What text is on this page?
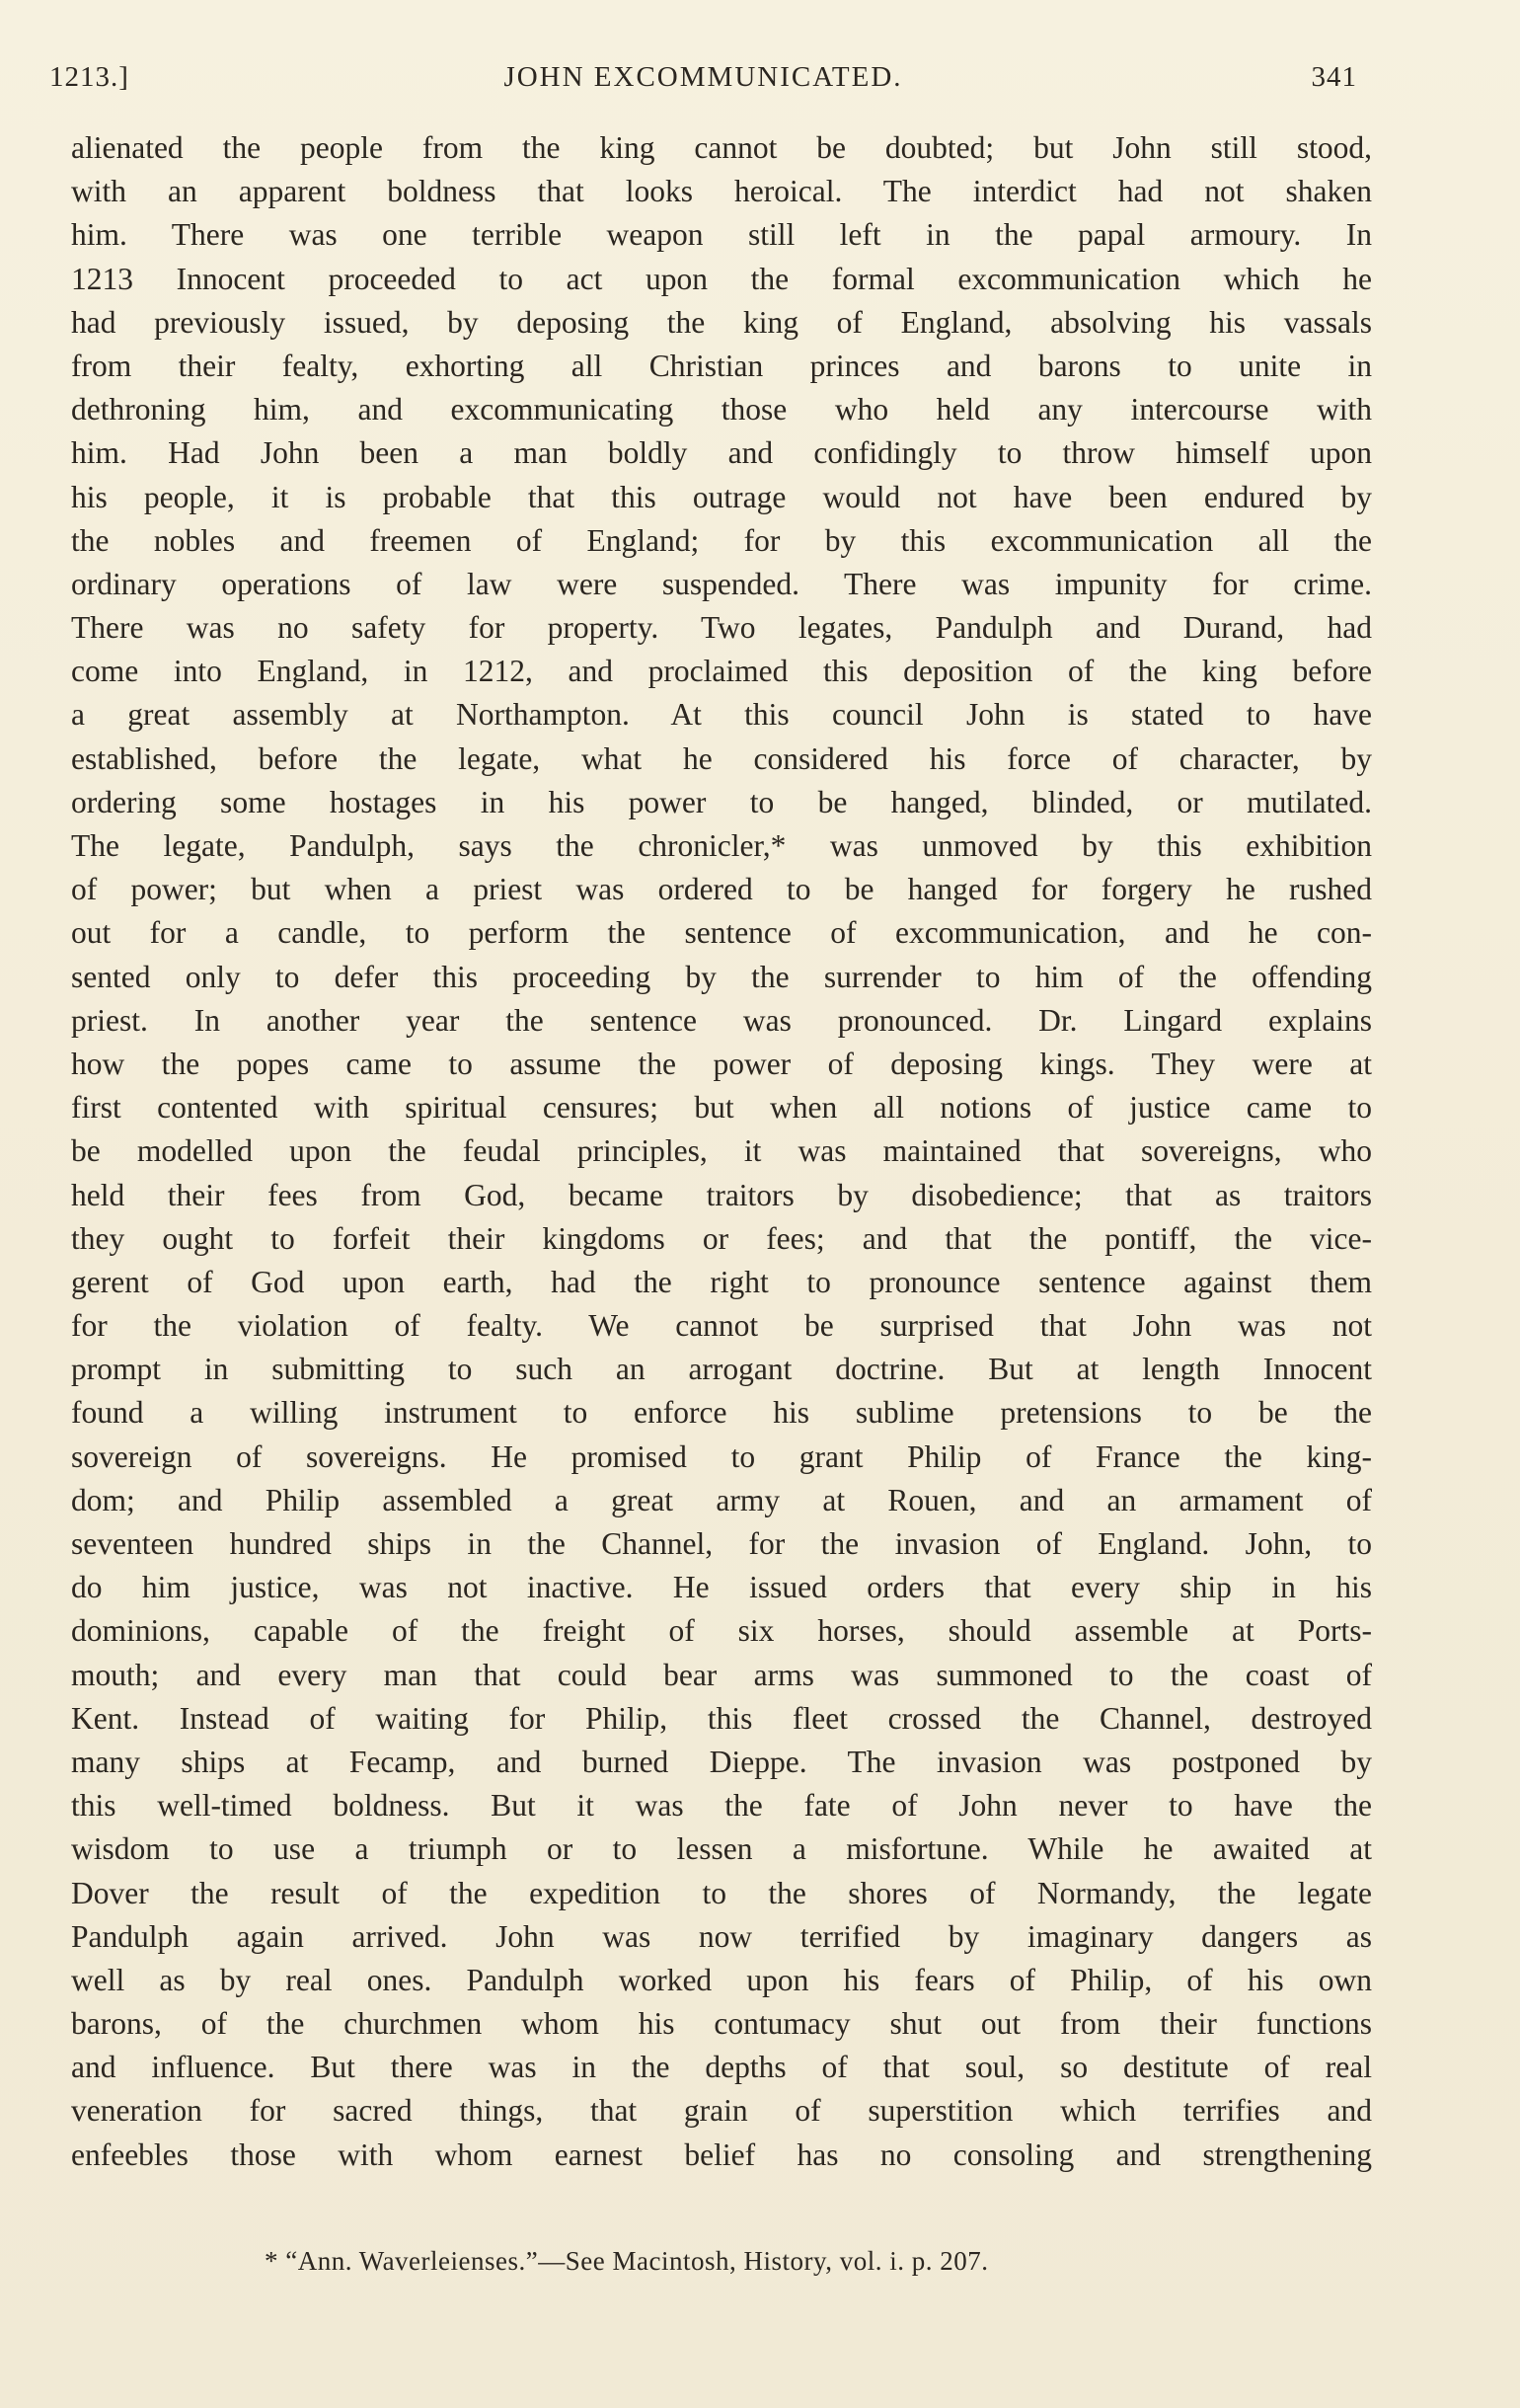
1213.]	JOHN EXCOMMUNICATED.	341
alienated the people from the king cannot be doubted; but John still stood,
with an apparent boldness that looks heroical. The interdict had not shaken
him. There was one terrible weapon still left in the papal armoury. In
1213 Innocent proceeded to act upon the formal excommunication which he
had previously issued, by deposing the king of England, absolving his vassals
from their fealty, exhorting all Christian princes and barons to unite in
dethroning him, and excommunicating those who held any intercourse with
him. Had John been a man boldly and confidingly to throw himself upon
his people, it is probable that this outrage would not have been endured by
the nobles and freemen of England; for by this excommunication all the
ordinary operations of law were suspended. There was impunity for crime.
There was no safety for property. Two legates, Pandulph and Durand, had
come into England, in 1212, and proclaimed this deposition of the king before
a great assembly at Northampton. At this council John is stated to have
established, before the legate, what he considered his force of character, by
ordering some hostages in his power to be hanged, blinded, or mutilated.
The legate, Pandulph, says the chronicler,* was unmoved by this exhibition
of power; but when a priest was ordered to be hanged for forgery he rushed
out for a candle, to perform the sentence of excommunication, and he con-
sented only to defer this proceeding by the surrender to him of the offending
priest. In another year the sentence was pronounced. Dr. Lingard explains
how the popes came to assume the power of deposing kings. They were at
first contented with spiritual censures; but when all notions of justice came to
be modelled upon the feudal principles, it was maintained that sovereigns, who
held their fees from God, became traitors by disobedience; that as traitors
they ought to forfeit their kingdoms or fees; and that the pontiff, the vice-
gerent of God upon earth, had the right to pronounce sentence against them
for the violation of fealty. We cannot be surprised that John was not
prompt in submitting to such an arrogant doctrine. But at length Innocent
found a willing instrument to enforce his sublime pretensions to be the
sovereign of sovereigns. He promised to grant Philip of France the king-
dom; and Philip assembled a great army at Rouen, and an armament of
seventeen hundred ships in the Channel, for the invasion of England. John, to
do him justice, was not inactive. He issued orders that every ship in his
dominions, capable of the freight of six horses, should assemble at Ports-
mouth; and every man that could bear arms was summoned to the coast of
Kent. Instead of waiting for Philip, this fleet crossed the Channel, destroyed
many ships at Fecamp, and burned Dieppe. The invasion was postponed by
this well-timed boldness. But it was the fate of John never to have the
wisdom to use a triumph or to lessen a misfortune. While he awaited at
Dover the result of the expedition to the shores of Normandy, the legate
Pandulph again arrived. John was now terrified by imaginary dangers as
well as by real ones. Pandulph worked upon his fears of Philip, of his own
barons, of the churchmen whom his contumacy shut out from their functions
and influence. But there was in the depths of that soul, so destitute of real
veneration for sacred things, that grain of superstition which terrifies and
enfeebles those with whom earnest belief has no consoling and strengthening
* “Ann. Waverleienses.”—See Macintosh, History, vol. i. p. 207.
